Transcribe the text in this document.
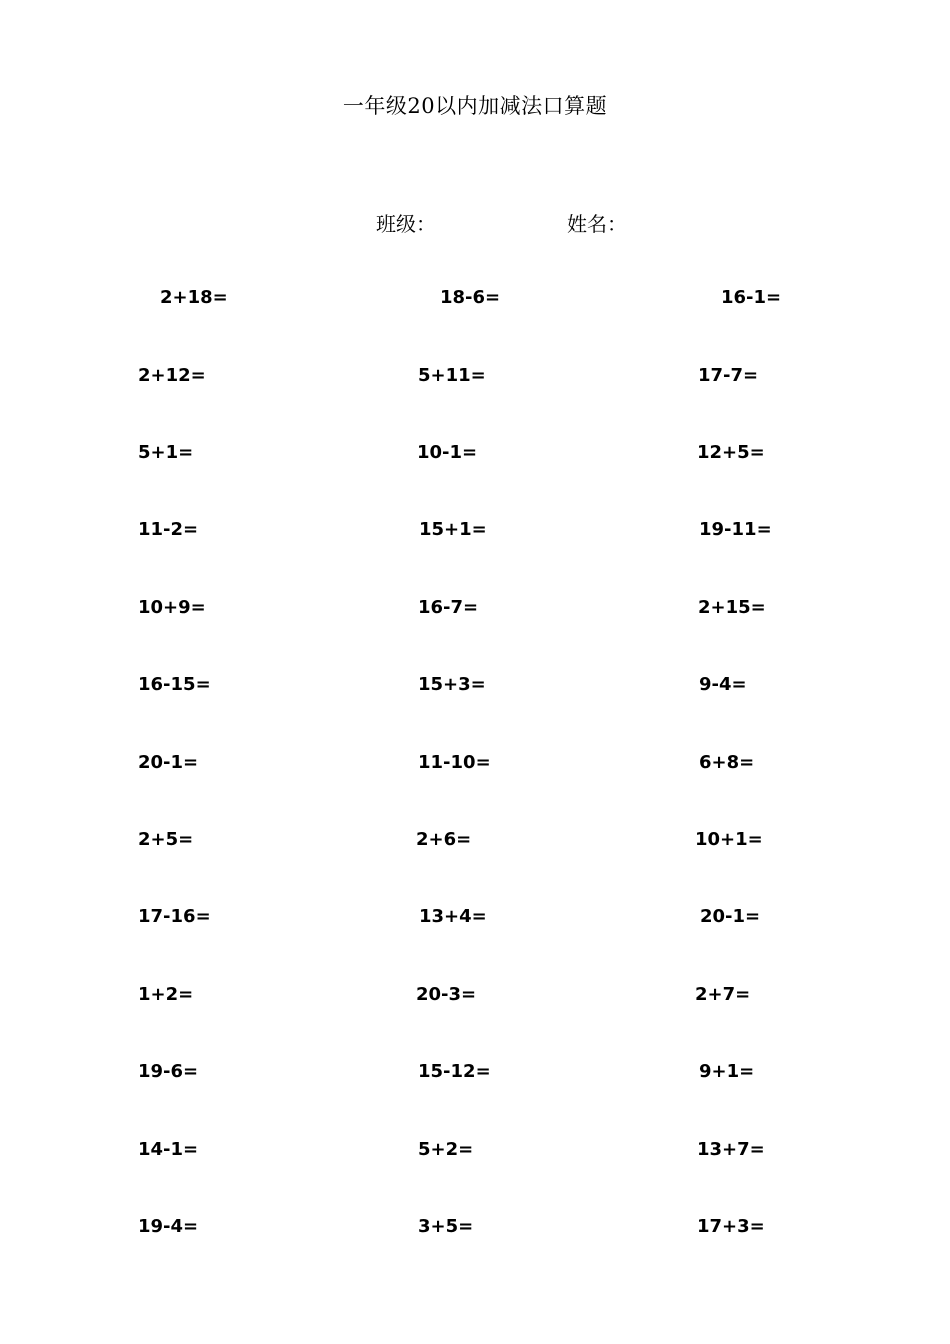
一年级20以内加减法口算题
班级：	姓名：
2+18=	18-6=	16-1=
2+12=	5+11=	17-7=
5+1=	10-1=	12+5=
11-2=	15+1=	19-11=
10+9=	16-7=	2+15=
16-15=	15+3=	9-4=
20-1=	11-10=	6+8=
2+5=	2+6=	10+1=
17-16=	13+4=	20-1=
1+2=	20-3=	2+7=
19-6=	15-12=	9+1=
14-1=	5+2=	13+7=
19-4=	3+5=	17+3=
